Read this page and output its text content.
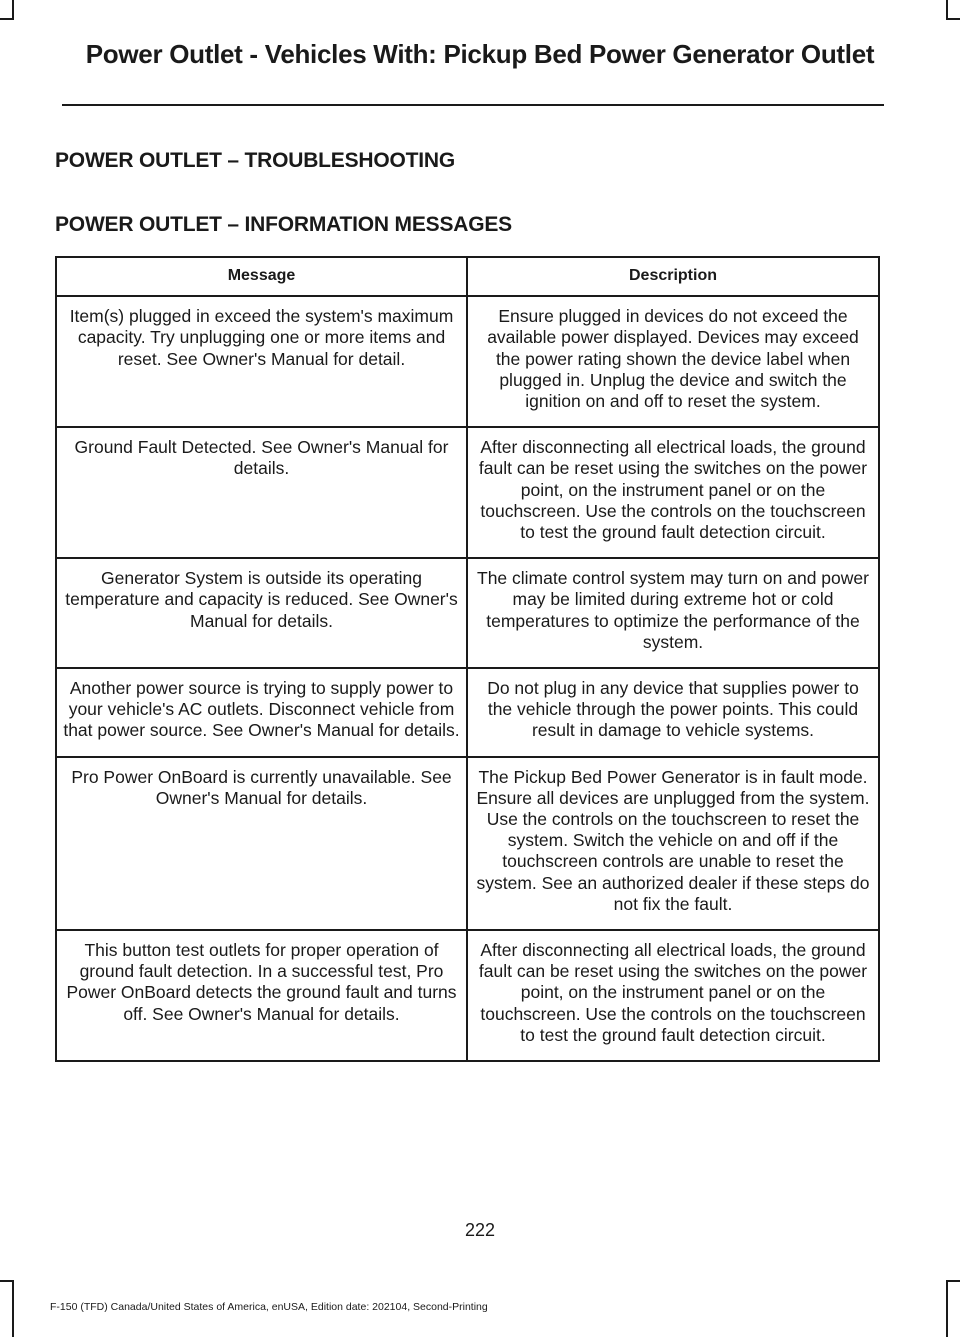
Power Outlet - Vehicles With: Pickup Bed Power Generator Outlet
POWER OUTLET – TROUBLESHOOTING
POWER OUTLET – INFORMATION MESSAGES
Message	Description
Item(s) plugged in exceed the system's maximum capacity. Try unplugging one or more items and reset. See Owner's Manual for detail.	Ensure plugged in devices do not exceed the available power displayed. Devices may exceed the power rating shown the device label when plugged in. Unplug the device and switch the ignition on and off to reset the system.
Ground Fault Detected. See Owner's Manual for details.	After disconnecting all electrical loads, the ground fault can be reset using the switches on the power point, on the instrument panel or on the touchscreen. Use the controls on the touchscreen to test the ground fault detection circuit.
Generator System is outside its operating temperature and capacity is reduced. See Owner's Manual for details.	The climate control system may turn on and power may be limited during extreme hot or cold temperatures to optimize the performance of the system.
Another power source is trying to supply power to your vehicle's AC outlets. Disconnect vehicle from that power source. See Owner's Manual for details.	Do not plug in any device that supplies power to the vehicle through the power points. This could result in damage to vehicle systems.
Pro Power OnBoard is currently unavailable. See Owner's Manual for details.	The Pickup Bed Power Generator is in fault mode. Ensure all devices are unplugged from the system. Use the controls on the touchscreen to reset the system. Switch the vehicle on and off if the touchscreen controls are unable to reset the system. See an authorized dealer if these steps do not fix the fault.
This button test outlets for proper operation of ground fault detection. In a successful test, Pro Power OnBoard detects the ground fault and turns off. See Owner's Manual for details.	After disconnecting all electrical loads, the ground fault can be reset using the switches on the power point, on the instrument panel or on the touchscreen. Use the controls on the touchscreen to test the ground fault detection circuit.
222
F-150 (TFD) Canada/United States of America, enUSA, Edition date: 202104, Second-Printing
